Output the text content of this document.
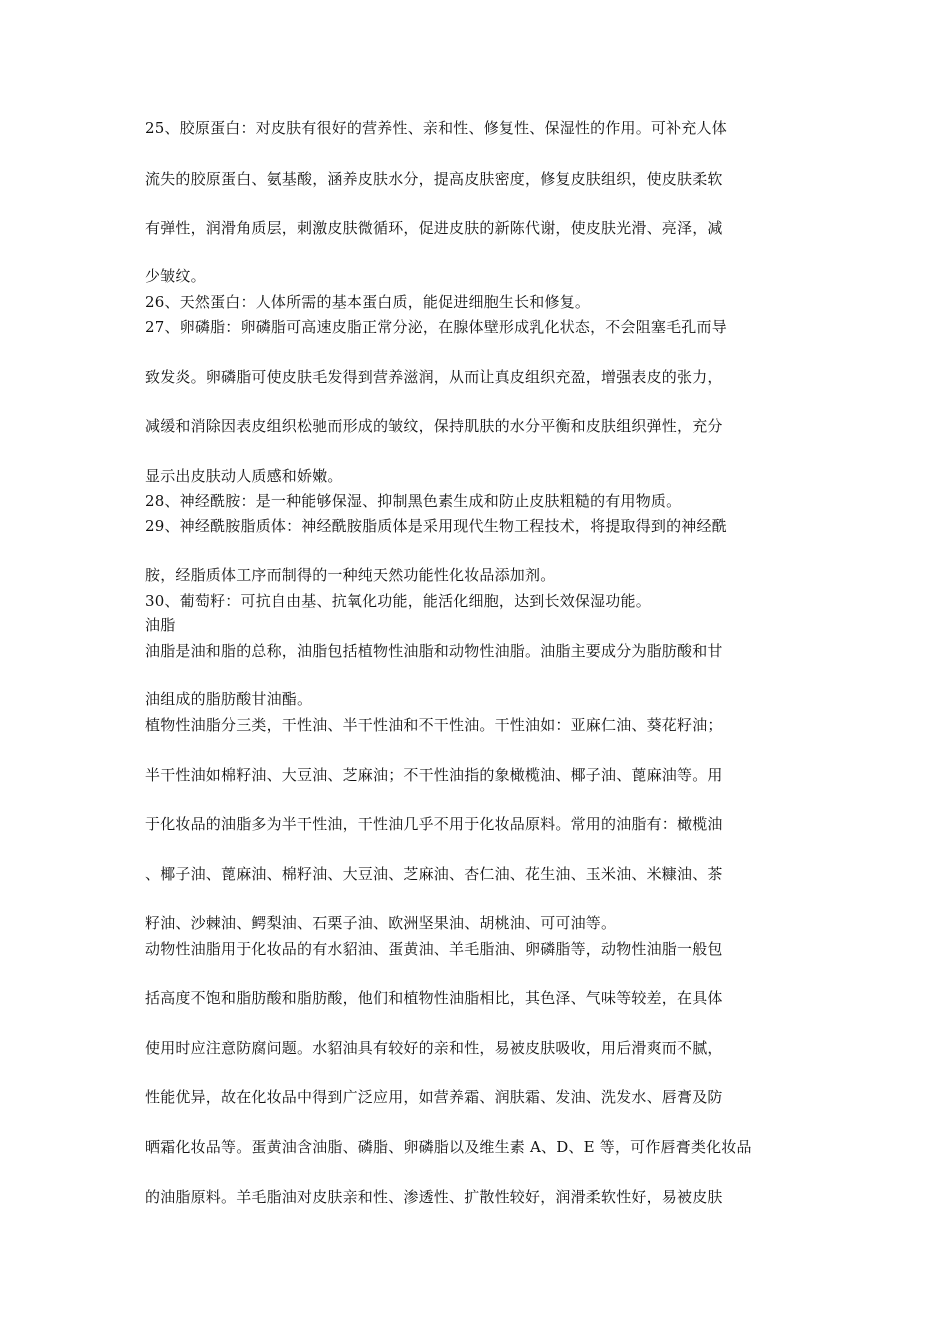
25、胶原蛋白：对皮肤有很好的营养性、亲和性、修复性、保湿性的作用。可补充人体
流失的胶原蛋白、氨基酸，涵养皮肤水分，提高皮肤密度，修复皮肤组织，使皮肤柔软
有弹性，润滑角质层，刺激皮肤微循环，促进皮肤的新陈代谢，使皮肤光滑、亮泽，减
少皱纹。
26、天然蛋白：人体所需的基本蛋白质，能促进细胞生长和修复。
27、卵磷脂：卵磷脂可高速皮脂正常分泌，在腺体壁形成乳化状态，不会阻塞毛孔而导
致发炎。卵磷脂可使皮肤毛发得到营养滋润，从而让真皮组织充盈，增强表皮的张力，
减缓和消除因表皮组织松驰而形成的皱纹，保持肌肤的水分平衡和皮肤组织弹性，充分
显示出皮肤动人质感和娇嫩。
28、神经酰胺：是一种能够保湿、抑制黑色素生成和防止皮肤粗糙的有用物质。
29、神经酰胺脂质体：神经酰胺脂质体是采用现代生物工程技术，将提取得到的神经酰
胺，经脂质体工序而制得的一种纯天然功能性化妆品添加剂。
30、葡萄籽：可抗自由基、抗氧化功能，能活化细胞，达到长效保湿功能。
油脂
油脂是油和脂的总称，油脂包括植物性油脂和动物性油脂。油脂主要成分为脂肪酸和甘
油组成的脂肪酸甘油酯。
植物性油脂分三类，干性油、半干性油和不干性油。干性油如：亚麻仁油、葵花籽油；
半干性油如棉籽油、大豆油、芝麻油；不干性油指的象橄榄油、椰子油、蓖麻油等。用
于化妆品的油脂多为半干性油，干性油几乎不用于化妆品原料。常用的油脂有：橄榄油
、椰子油、蓖麻油、棉籽油、大豆油、芝麻油、杏仁油、花生油、玉米油、米糠油、茶
籽油、沙棘油、鳄梨油、石栗子油、欧洲坚果油、胡桃油、可可油等。
动物性油脂用于化妆品的有水貂油、蛋黄油、羊毛脂油、卵磷脂等，动物性油脂一般包
括高度不饱和脂肪酸和脂肪酸，他们和植物性油脂相比，其色泽、气味等较差，在具体
使用时应注意防腐问题。水貂油具有较好的亲和性，易被皮肤吸收，用后滑爽而不腻，
性能优异，故在化妆品中得到广泛应用，如营养霜、润肤霜、发油、洗发水、唇膏及防
晒霜化妆品等。蛋黄油含油脂、磷脂、卵磷脂以及维生素 A、D、E 等，可作唇膏类化妆品
的油脂原料。羊毛脂油对皮肤亲和性、渗透性、扩散性较好，润滑柔软性好，易被皮肤
